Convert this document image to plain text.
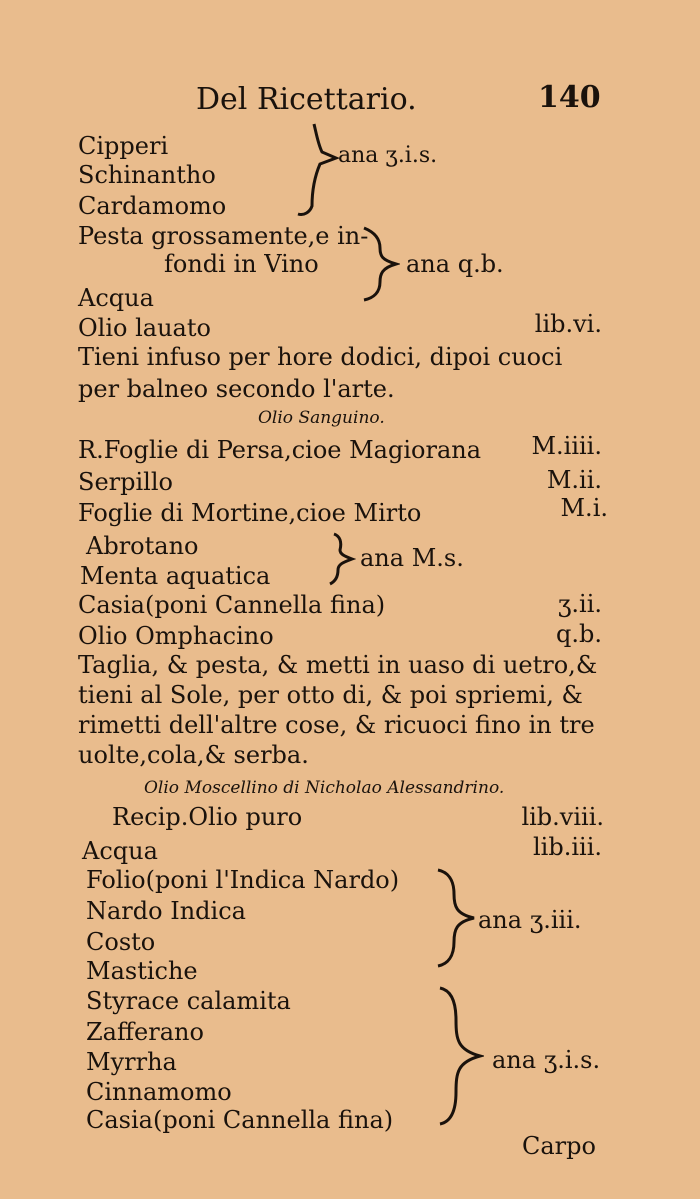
Del Ricettario.	140
Cipperi
Schinantho
Cardamomo
ana ʒ.i.s.
Pesta grossamente,e in-
fondi in Vino	ana q.b.
Acqua
Olio lauato	lib.vi.
Tieni infuso per hore dodici, dipoi cuoci
per balneo secondo l'arte.
Olio Sanguino.
R.Foglie di Persa,cioe Magiorana M.iiii.
Serpillo	M.ii.
Foglie di Mortine,cioe Mirto	M.i.
Abrotano
Menta aquatica
ana M.s.
Casia(poni Cannella fina)	ʒ.ii.
Olio Omphacino	q.b.
Taglia, & pesta, & metti in uaso di uetro,&
tieni al Sole, per otto di, & poi spriemi, &
rimetti dell'altre cose, & ricuoci fino in tre
uolte,cola,& serba.
Olio Moscellino di Nicholao Alessandrino.
Recip.Olio puro	lib.viii.
Acqua	lib.iii.
Folio(poni l'Indica Nardo)
Nardo Indica
Costo
Mastiche
ana ʒ.iii.
Styrace calamita
Zafferano
Myrrha
Cinnamomo
Casia(poni Cannella fina)
ana ʒ.i.s.
Carpo
